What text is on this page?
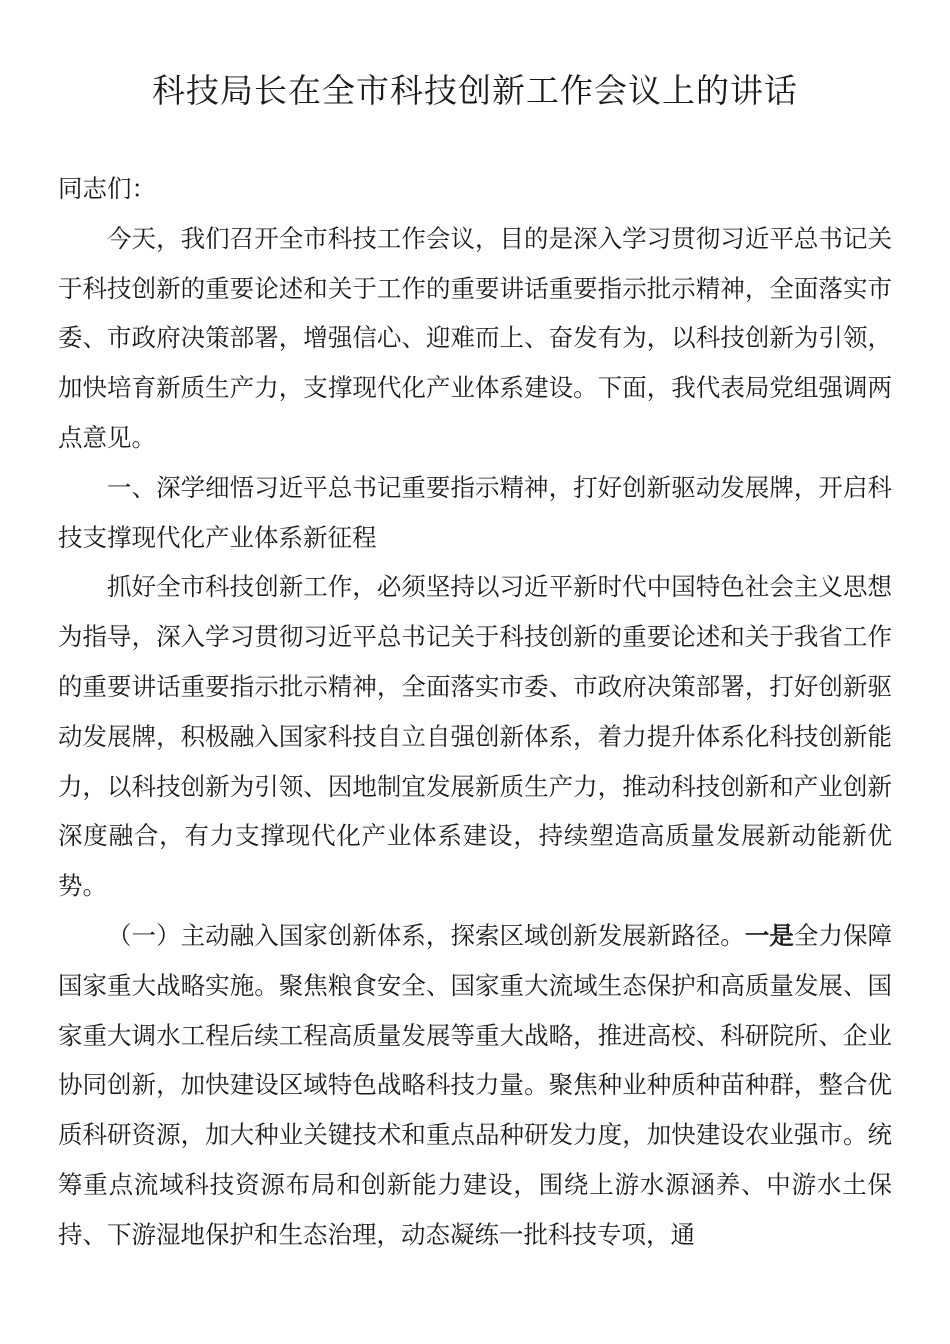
科技局长在全市科技创新工作会议上的讲话

同志们：

今天，我们召开全市科技工作会议，目的是深入学习贯彻习近平总书记关于科技创新的重要论述和关于工作的重要讲话重要指示批示精神，全面落实市委、市政府决策部署，增强信心、迎难而上、奋发有为，以科技创新为引领，加快培育新质生产力，支撑现代化产业体系建设。下面，我代表局党组强调两点意见。

一、深学细悟习近平总书记重要指示精神，打好创新驱动发展牌，开启科技支撑现代化产业体系新征程

抓好全市科技创新工作，必须坚持以习近平新时代中国特色社会主义思想为指导，深入学习贯彻习近平总书记关于科技创新的重要论述和关于我省工作的重要讲话重要指示批示精神，全面落实市委、市政府决策部署，打好创新驱动发展牌，积极融入国家科技自立自强创新体系，着力提升体系化科技创新能力，以科技创新为引领、因地制宜发展新质生产力，推动科技创新和产业创新深度融合，有力支撑现代化产业体系建设，持续塑造高质量发展新动能新优势。

（一）主动融入国家创新体系，探索区域创新发展新路径。一是全力保障国家重大战略实施。聚焦粮食安全、国家重大流域生态保护和高质量发展、国家重大调水工程后续工程高质量发展等重大战略，推进高校、科研院所、企业协同创新，加快建设区域特色战略科技力量。聚焦种业种质种苗种群，整合优质科研资源，加大种业关键技术和重点品种研发力度，加快建设农业强市。统筹重点流域科技资源布局和创新能力建设，围绕上游水源涵养、中游水土保持、下游湿地保护和生态治理，动态凝练一批科技专项，通
